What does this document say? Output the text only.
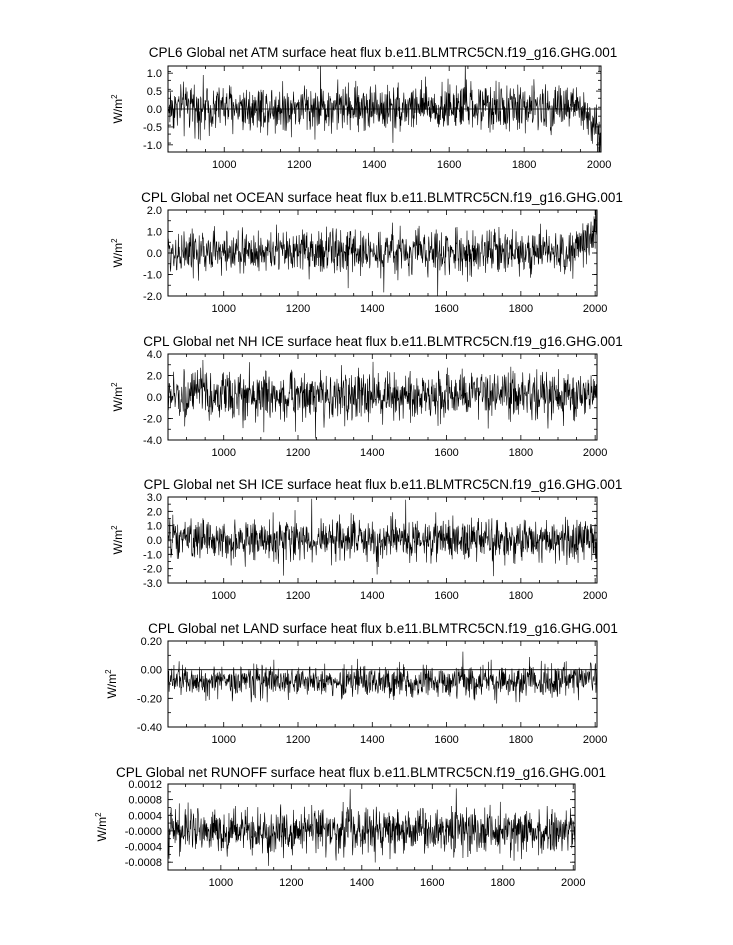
CPL6 Global net ATM surface heat flux b.e11.BLMTRC5CN.f19_g16.GHG.001
$W/m^2$
1000	1200	1400	1600	1800	2000
-1.0
-0.5
0.0
0.5
1.0
CPL Global net OCEAN surface heat flux b.e11.BLMTRC5CN.f19_g16.GHG.001
$W/m^2$
1000	1200	1400	1600	1800	2000
-2.0
-1.0
0.0
1.0
2.0
CPL Global net NH ICE surface heat flux b.e11.BLMTRC5CN.f19_g16.GHG.001
$W/m^2$
1000	1200	1400	1600	1800	2000
-4.0
-2.0
0.0
2.0
4.0
CPL Global net SH ICE surface heat flux b.e11.BLMTRC5CN.f19_g16.GHG.001
$W/m^2$
1000	1200	1400	1600	1800	2000
-3.0
-2.0
-1.0
0.0
1.0
2.0
3.0
CPL Global net LAND surface heat flux b.e11.BLMTRC5CN.f19_g16.GHG.001
$W/m^2$
1000	1200	1400	1600	1800	2000
-0.40
-0.20
0.00
0.20
CPL Global net RUNOFF surface heat flux b.e11.BLMTRC5CN.f19_g16.GHG.001
$W/m^2$
1000	1200	1400	1600	1800	2000
-0.0008
-0.0004
-0.0000
0.0004
0.0008
0.0012
